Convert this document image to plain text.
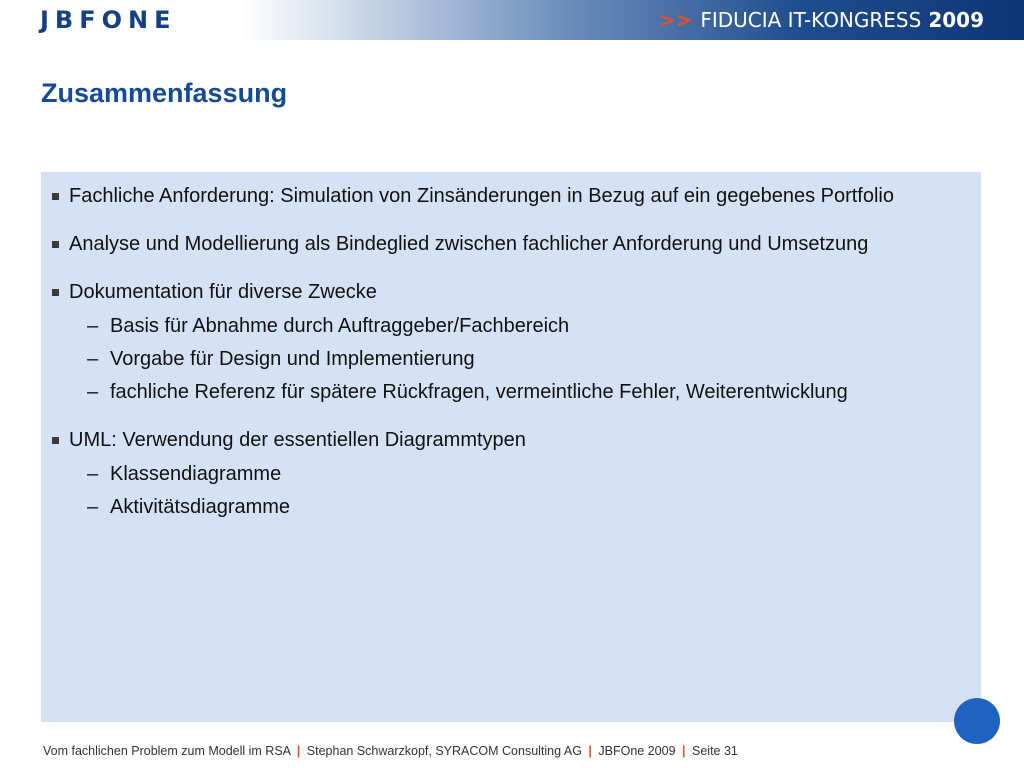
JBFONE	>> FIDUCIA IT-KONGRESS 2009
Zusammenfassung
Fachliche Anforderung: Simulation von Zinsänderungen in Bezug auf ein gegebenes Portfolio
Analyse und Modellierung als Bindeglied zwischen fachlicher Anforderung und Umsetzung
Dokumentation für diverse Zwecke
– Basis für Abnahme durch Auftraggeber/Fachbereich
– Vorgabe für Design und Implementierung
– fachliche Referenz für spätere Rückfragen, vermeintliche Fehler, Weiterentwicklung
UML: Verwendung der essentiellen Diagrammtypen
– Klassendiagramme
– Aktivitätsdiagramme
Vom fachlichen Problem zum Modell im RSA | Stephan Schwarzkopf, SYRACOM Consulting AG | JBFOne 2009 | Seite 31
